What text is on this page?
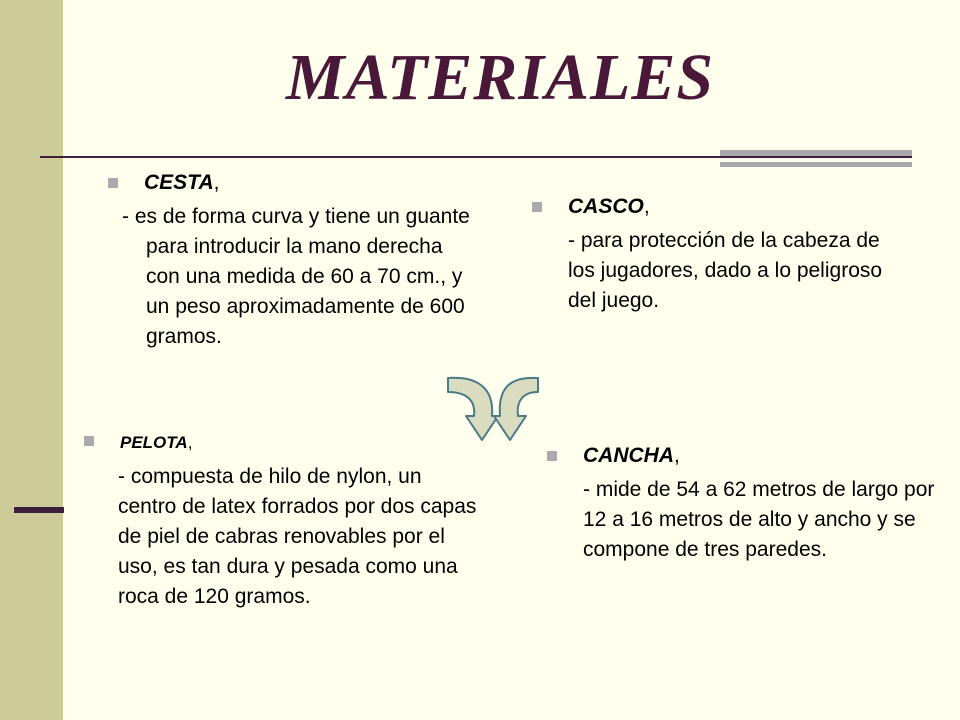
MATERIALES
CESTA,
- es de forma curva y tiene un guante para introducir la mano derecha con una medida de 60 a 70 cm., y un peso aproximadamente de 600 gramos.
CASCO,
- para protección de la cabeza de los jugadores, dado a lo peligroso del juego.
PELOTA,
- compuesta de hilo de nylon, un centro de latex forrados por dos capas de piel de cabras renovables por el uso, es tan dura y pesada como una roca de 120 gramos.
CANCHA,
- mide de 54 a 62 metros de largo por 12 a 16 metros de alto y ancho y se compone de tres paredes.
